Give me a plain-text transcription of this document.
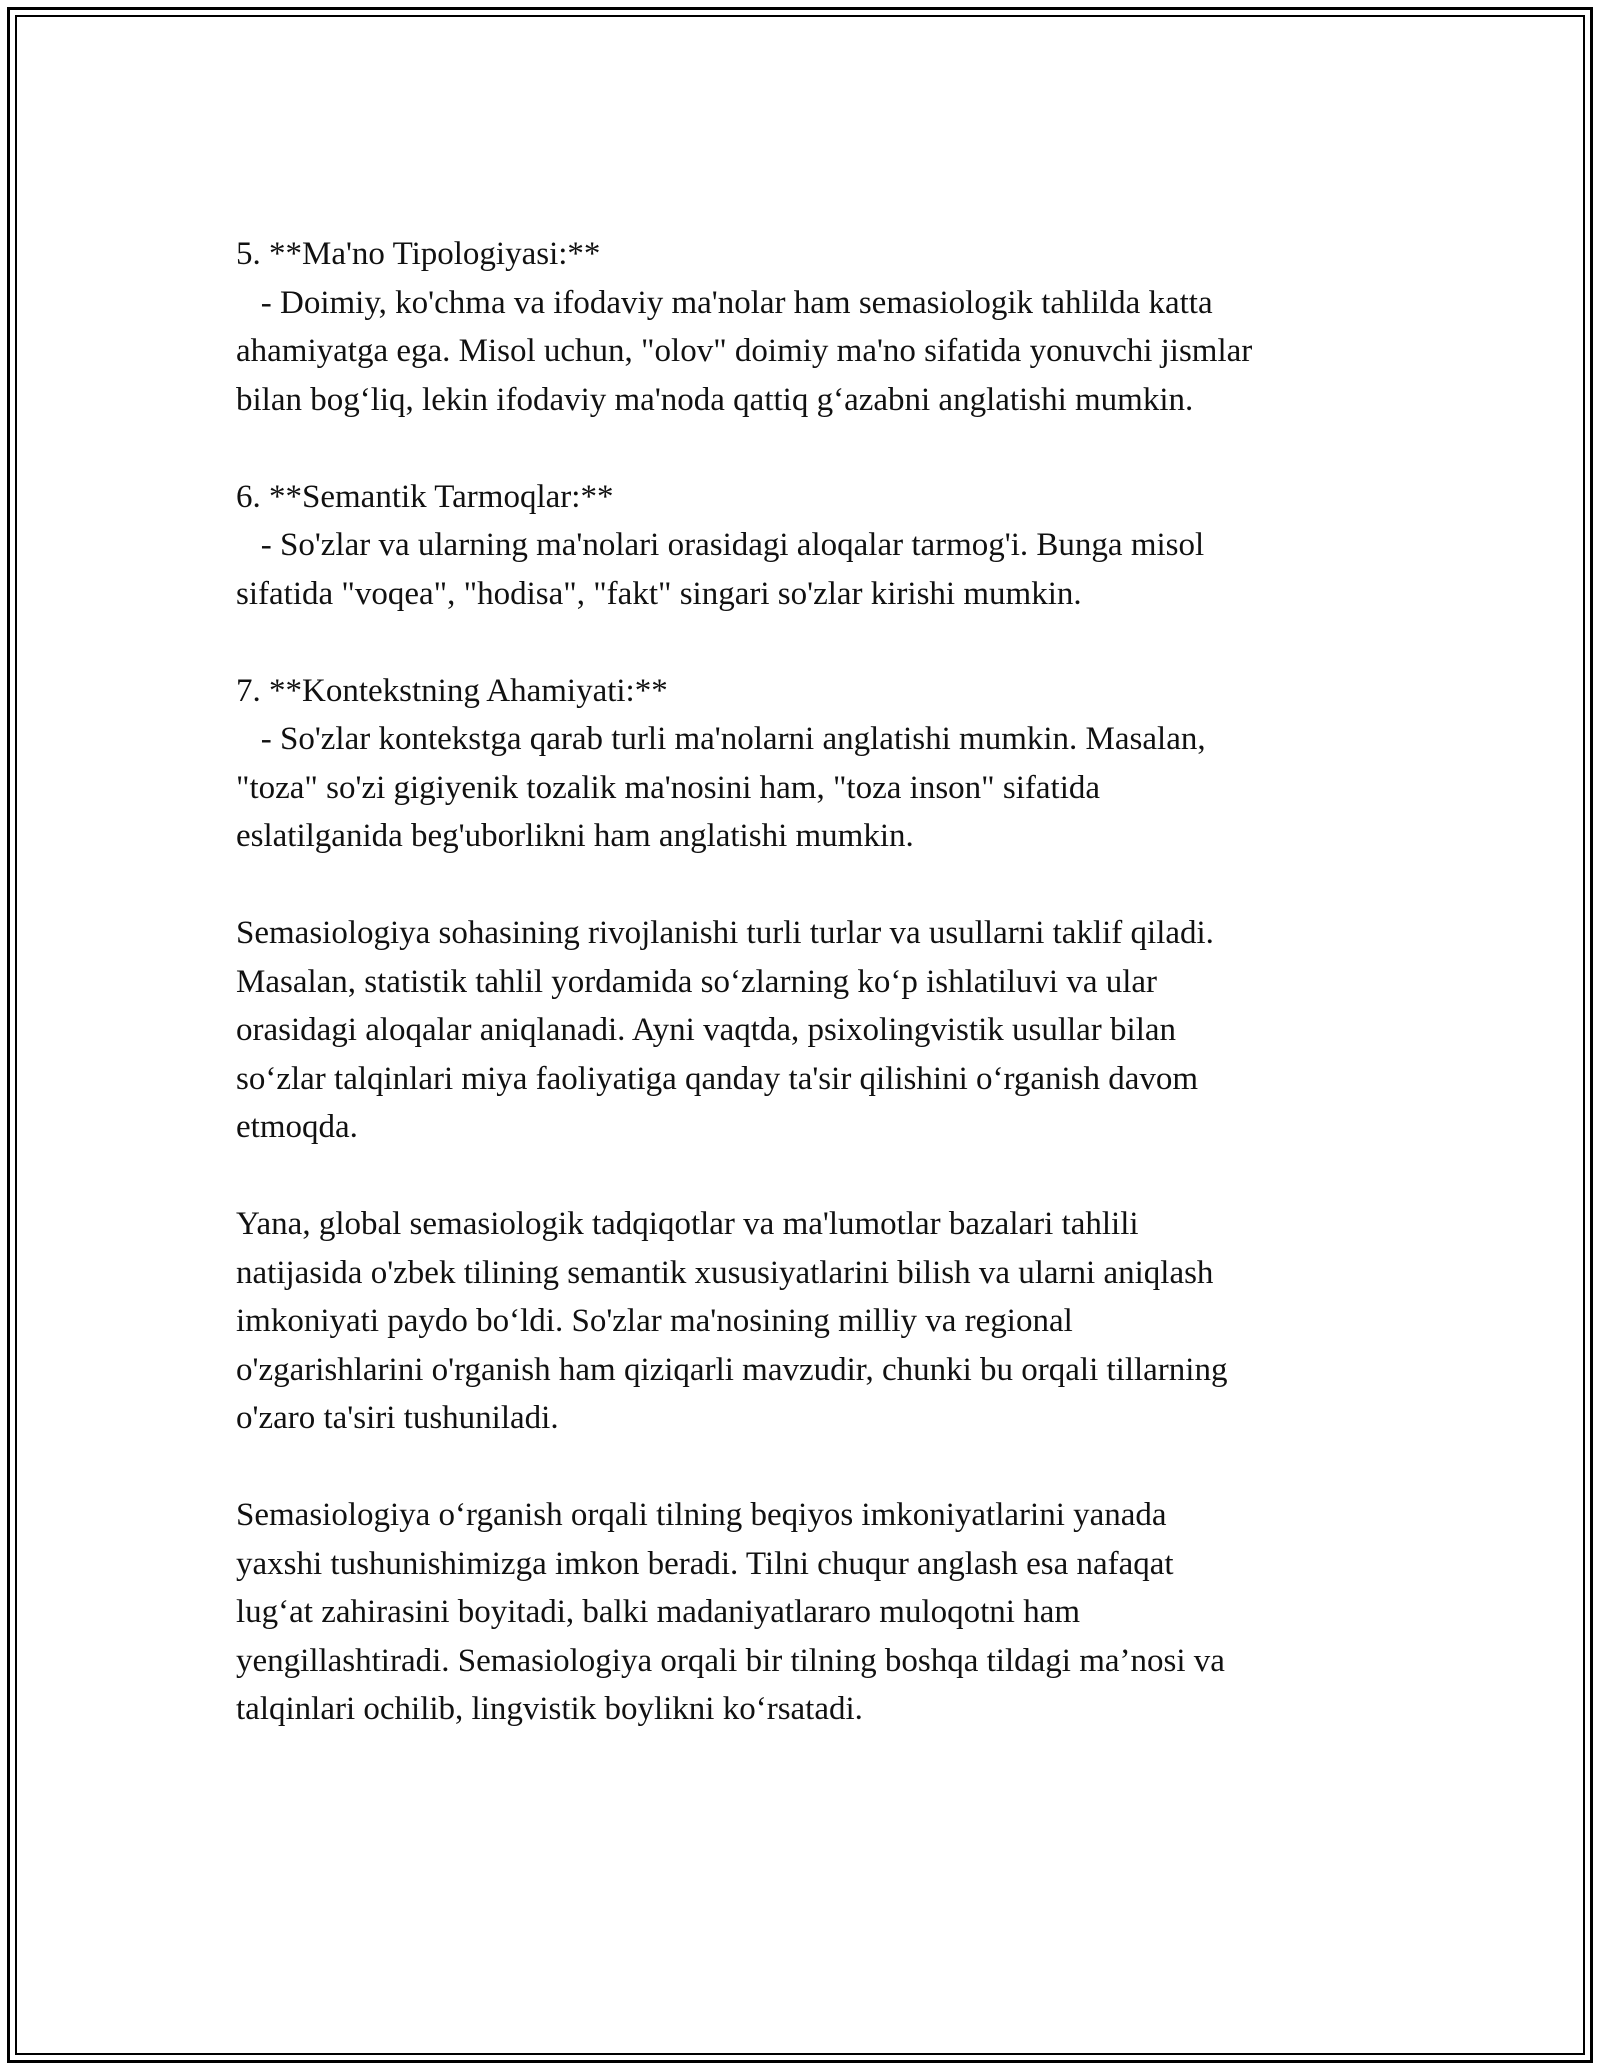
5. **Ma'no Tipologiyasi:**
- Doimiy, ko'chma va ifodaviy ma'nolar ham semasiologik tahlilda katta
ahamiyatga ega. Misol uchun, "olov" doimiy ma'no sifatida yonuvchi jismlar
bilan bog‘liq, lekin ifodaviy ma'noda qattiq g‘azabni anglatishi mumkin.
6. **Semantik Tarmoqlar:**
- So'zlar va ularning ma'nolari orasidagi aloqalar tarmog'i. Bunga misol
sifatida "voqea", "hodisa", "fakt" singari so'zlar kirishi mumkin.
7. **Kontekstning Ahamiyati:**
- So'zlar kontekstga qarab turli ma'nolarni anglatishi mumkin. Masalan,
"toza" so'zi gigiyenik tozalik ma'nosini ham, "toza inson" sifatida
eslatilganida beg'uborlikni ham anglatishi mumkin.
Semasiologiya sohasining rivojlanishi turli turlar va usullarni taklif qiladi.
Masalan, statistik tahlil yordamida so‘zlarning ko‘p ishlatiluvi va ular
orasidagi aloqalar aniqlanadi. Ayni vaqtda, psixolingvistik usullar bilan
so‘zlar talqinlari miya faoliyatiga qanday ta'sir qilishini o‘rganish davom
etmoqda.
Yana, global semasiologik tadqiqotlar va ma'lumotlar bazalari tahlili
natijasida o'zbek tilining semantik xususiyatlarini bilish va ularni aniqlash
imkoniyati paydo bo‘ldi. So'zlar ma'nosining milliy va regional
o'zgarishlarini o'rganish ham qiziqarli mavzudir, chunki bu orqali tillarning
o'zaro ta'siri tushuniladi.
Semasiologiya o‘rganish orqali tilning beqiyos imkoniyatlarini yanada
yaxshi tushunishimizga imkon beradi. Tilni chuqur anglash esa nafaqat
lug‘at zahirasini boyitadi, balki madaniyatlararo muloqotni ham
yengillashtiradi. Semasiologiya orqali bir tilning boshqa tildagi ma’nosi va
talqinlari ochilib, lingvistik boylikni ko‘rsatadi.
